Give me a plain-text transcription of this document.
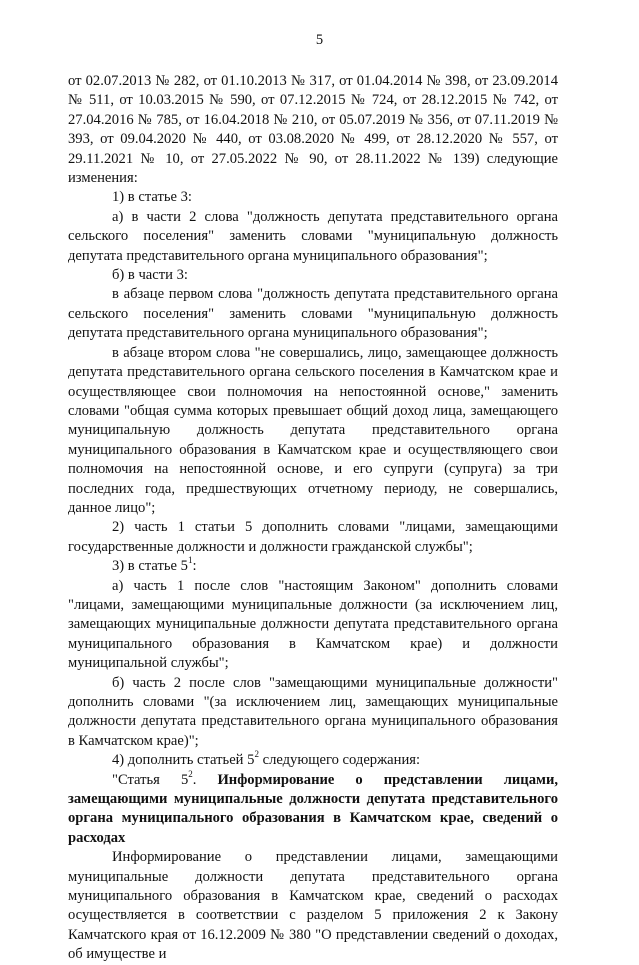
5

от 02.07.2013 № 282, от 01.10.2013 № 317, от 01.04.2014 № 398, от 23.09.2014 № 511, от 10.03.2015 № 590, от 07.12.2015 № 724, от 28.12.2015 № 742, от 27.04.2016 № 785, от 16.04.2018 № 210, от 05.07.2019 № 356, от 07.11.2019 № 393, от 09.04.2020 № 440, от 03.08.2020 № 499, от 28.12.2020 № 557, от 29.11.2021 № 10, от 27.05.2022 № 90, от 28.11.2022 № 139) следующие изменения:

1) в статье 3:

а) в части 2 слова "должность депутата представительного органа сельского поселения" заменить словами "муниципальную должность депутата представительного органа муниципального образования";

б) в части 3:

в абзаце первом слова "должность депутата представительного органа сельского поселения" заменить словами "муниципальную должность депутата представительного органа муниципального образования";

в абзаце втором слова "не совершались, лицо, замещающее должность депутата представительного органа сельского поселения в Камчатском крае и осуществляющее свои полномочия на непостоянной основе," заменить словами "общая сумма которых превышает общий доход лица, замещающего муниципальную должность депутата представительного органа муниципального образования в Камчатском крае и осуществляющего свои полномочия на непостоянной основе, и его супруги (супруга) за три последних года, предшествующих отчетному периоду, не совершались, данное лицо";

2) часть 1 статьи 5 дополнить словами "лицами, замещающими государственные должности и должности гражданской службы";

3) в статье $5^1$:

а) часть 1 после слов "настоящим Законом" дополнить словами "лицами, замещающими муниципальные должности (за исключением лиц, замещающих муниципальные должности депутата представительного органа муниципального образования в Камчатском крае) и должности муниципальной службы";

б) часть 2 после слов "замещающими муниципальные должности" дополнить словами "(за исключением лиц, замещающих муниципальные должности депутата представительного органа муниципального образования в Камчатском крае)";

4) дополнить статьей $5^2$ следующего содержания:

"Статья $5^2$. Информирование о представлении лицами, замещающими муниципальные должности депутата представительного органа муниципального образования в Камчатском крае, сведений о расходах

Информирование о представлении лицами, замещающими муниципальные должности депутата представительного органа муниципального образования в Камчатском крае, сведений о расходах осуществляется в соответствии с разделом 5 приложения 2 к Закону Камчатского края от 16.12.2009 № 380 "О представлении сведений о доходах, об имуществе и
